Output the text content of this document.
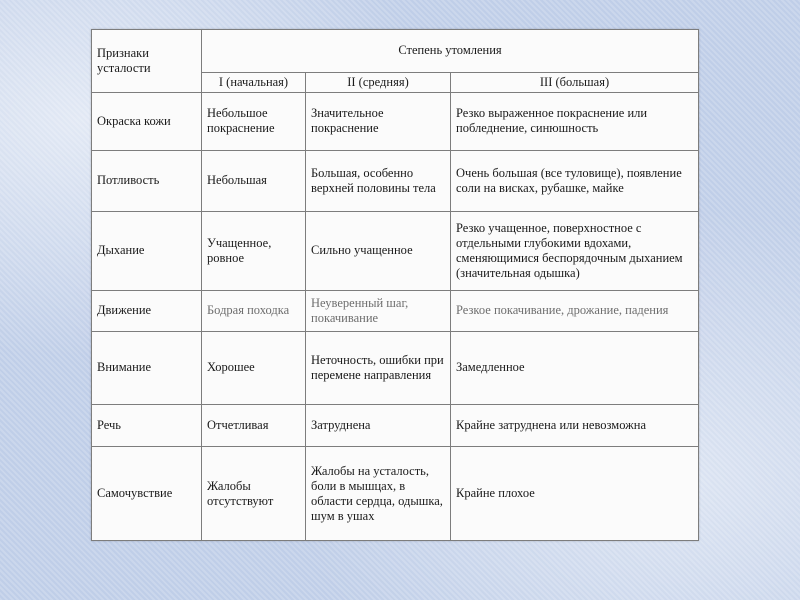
Признаки усталости	Степень утомления		
	I (начальная)	II (средняя)	III (большая)
Окраска кожи	Небольшое покраснение	Значительное покраснение	Резко выраженное покраснение или побледнение, синюшность
Потливость	Небольшая	Большая, особенно верхней половины тела	Очень большая (все туловище), появление соли на висках, рубашке, майке
Дыхание	Учащенное, ровное	Сильно учащенное	Резко учащенное, поверхностное с отдельными глубокими вдохами, сменяющимися беспорядочным дыханием (значительная одышка)
Движение	Бодрая походка	Неуверенный шаг, покачивание	Резкое покачивание, дрожание, падения
Внимание	Хорошее	Неточность, ошибки при перемене направления	Замедленное
Речь	Отчетливая	Затруднена	Крайне затруднена или невозможна
Самочувствие	Жалобы отсутствуют	Жалобы на усталость, боли в мышцах, в области сердца, одышка, шум в ушах	Крайне плохое
